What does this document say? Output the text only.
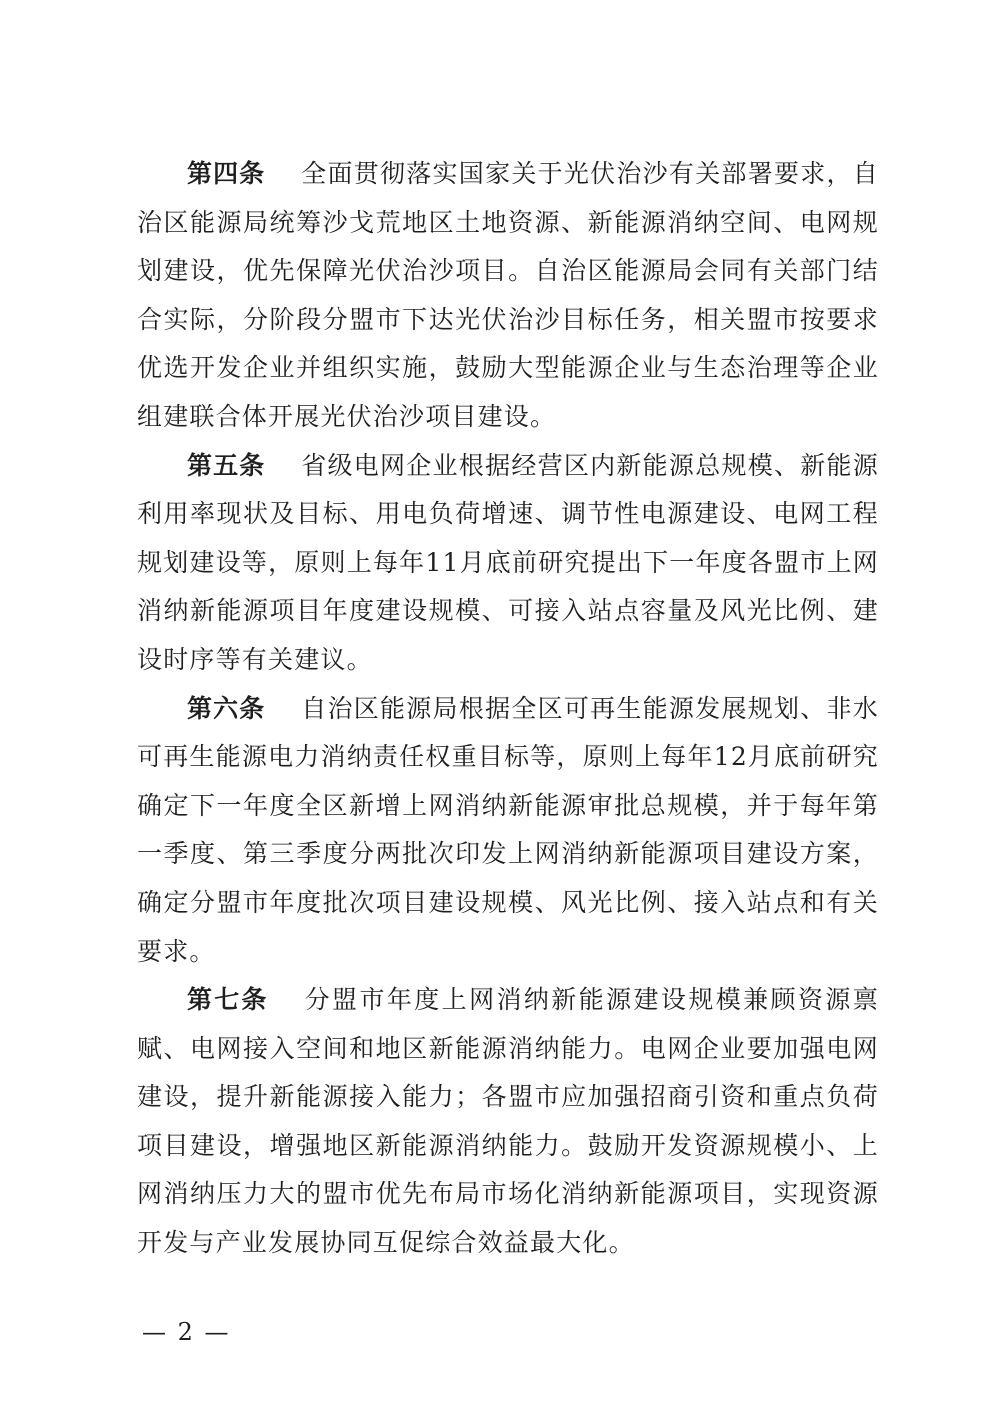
第四条 全面贯彻落实国家关于光伏治沙有关部署要求，自治区能源局统筹沙戈荒地区土地资源、新能源消纳空间、电网规划建设，优先保障光伏治沙项目。自治区能源局会同有关部门结合实际，分阶段分盟市下达光伏治沙目标任务，相关盟市按要求优选开发企业并组织实施，鼓励大型能源企业与生态治理等企业组建联合体开展光伏治沙项目建设。

第五条 省级电网企业根据经营区内新能源总规模、新能源利用率现状及目标、用电负荷增速、调节性电源建设、电网工程规划建设等，原则上每年11月底前研究提出下一年度各盟市上网消纳新能源项目年度建设规模、可接入站点容量及风光比例、建设时序等有关建议。

第六条 自治区能源局根据全区可再生能源发展规划、非水可再生能源电力消纳责任权重目标等，原则上每年12月底前研究确定下一年度全区新增上网消纳新能源审批总规模，并于每年第一季度、第三季度分两批次印发上网消纳新能源项目建设方案，确定分盟市年度批次项目建设规模、风光比例、接入站点和有关要求。

第七条 分盟市年度上网消纳新能源建设规模兼顾资源禀赋、电网接入空间和地区新能源消纳能力。电网企业要加强电网建设，提升新能源接入能力；各盟市应加强招商引资和重点负荷项目建设，增强地区新能源消纳能力。鼓励开发资源规模小、上网消纳压力大的盟市优先布局市场化消纳新能源项目，实现资源开发与产业发展协同互促综合效益最大化。

— 2 —
